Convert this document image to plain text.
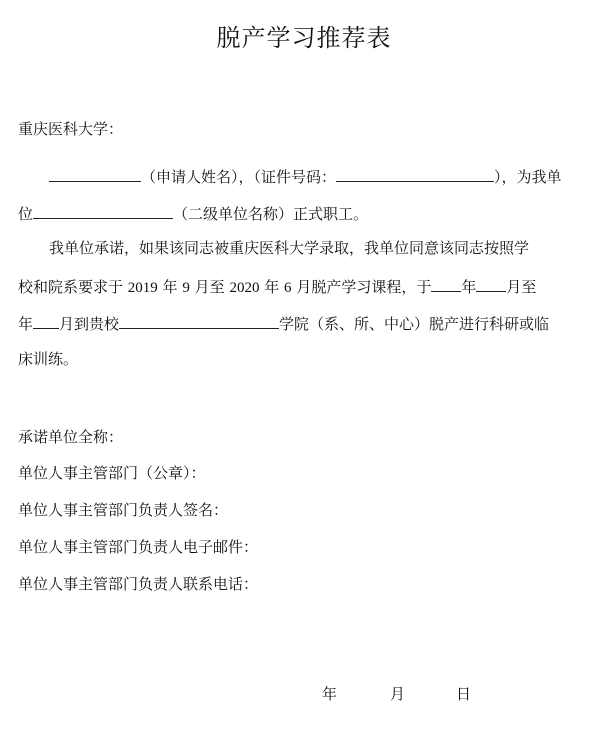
脱产学习推荐表
重庆医科大学：
（申请人姓名），（证件号码：	），为我单
位	（二级单位名称）正式职工。
我单位承诺，如果该同志被重庆医科大学录取，我单位同意该同志按照学
校和院系要求于 2019 年 9 月至 2020 年 6 月脱产学习课程，于 年 月至
年 月到贵校	学院（系、所、中心）脱产进行科研或临
床训练。
承诺单位全称：
单位人事主管部门（公章）：
单位人事主管部门负责人签名：
单位人事主管部门负责人电子邮件：
单位人事主管部门负责人联系电话：
年	月	日
